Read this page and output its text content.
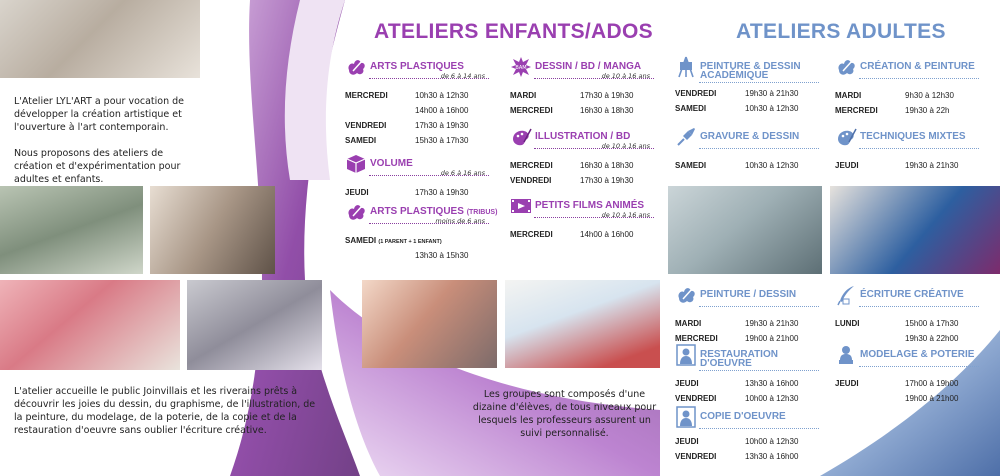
L'Atelier LYL'ART a pour vocation de développer la création artistique et l'ouverture à l'art contemporain.

Nous proposons des ateliers de création et d'expérimentation pour adultes et enfants.

L'atelier accueille le public Joinvillais et les riverains prêts à découvrir les joies du dessin, du graphisme, de l'illustration, de la peinture, du modelage, de la poterie, de la copie et de la restauration d'oeuvre sans oublier l'écriture créative.
Les groupes sont composés d'une dizaine d'élèves, de tous niveaux pour lesquels les professeurs assurent un suivi personnalisé.
ATELIERS ENFANTS/ADOS	ATELIERS ADULTES
ARTS PLASTIQUES
de 6 à 14 ans
MERCREDI	10h30 à 12h30
14h00 à 16h00
VENDREDI	17h30 à 19h30
SAMEDI	15h30 à 17h30
VOLUME
de 6 à 16 ans
JEUDI	17h30 à 19h30
ARTS PLASTIQUES (TRIBUS)
moins de 6 ans
SAMEDI (1 PARENT + 1 ENFANT)
13h30 à 15h30
BAM DESSIN / BD / MANGA
de 10 à 16 ans
MARDI	17h30 à 19h30
MERCREDI	16h30 à 18h30
ILLUSTRATION / BD
de 10 à 16 ans
MERCREDI	16h30 à 18h30
VENDREDI	17h30 à 19h30
PETITS FILMS ANIMÉS
de 10 à 16 ans
MERCREDI	14h00 à 16h00
PEINTURE & DESSIN
ACADÉMIQUE
VENDREDI	19h30 à 21h30
SAMEDI	10h30 à 12h30
CRÉATION & PEINTURE
MARDI	9h30 à 12h30
MERCREDI	19h30 à 22h
GRAVURE & DESSIN
SAMEDI	10h30 à 12h30
TECHNIQUES MIXTES
JEUDI	19h30 à 21h30
PEINTURE / DESSIN
MARDI	19h30 à 21h30
MERCREDI	19h00 à 21h00
ÉCRITURE CRÉATIVE
LUNDI	15h00 à 17h30
19h30 à 22h00
RESTAURATION
D'OEUVRE
JEUDI	13h30 à 16h00
VENDREDI	10h00 à 12h30
MODELAGE & POTERIE
JEUDI	17h00 à 19h00
19h00 à 21h00
COPIE D'OEUVRE
JEUDI	10h00 à 12h30
VENDREDI	13h30 à 16h00
